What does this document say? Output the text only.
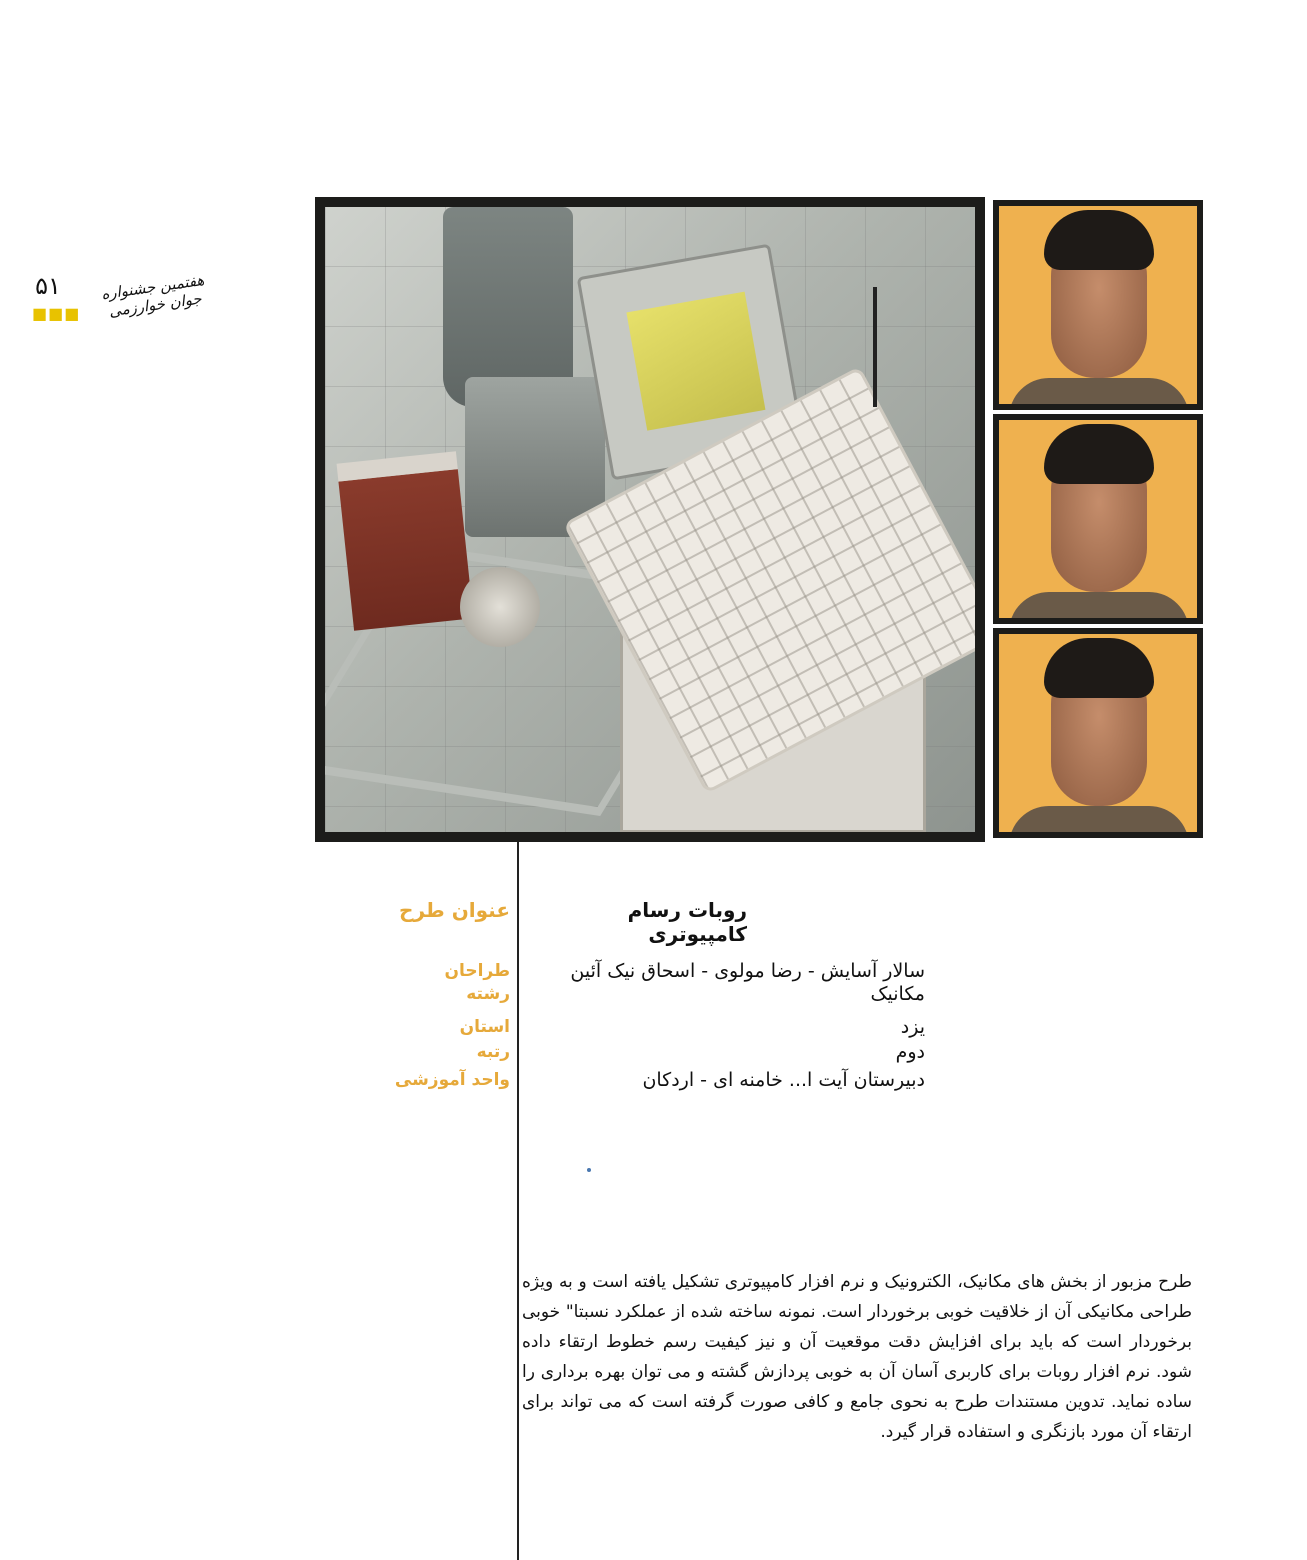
۵۱
■■■
هفتمین جشنواره جوان خوارزمی
عنوان طرح	روبات رسام کامپیوتری
طراحان	سالار آسایش - رضا مولوی - اسحاق نیک آئین
رشته	مکانیک
استان	یزد
رتبه	دوم
واحد آموزشی	دبیرستان آیت ا... خامنه ای - اردکان
طرح مزبور از بخش های مکانیک، الکترونیک و نرم افزار کامپیوتری تشکیل یافته است و به ویژه طراحی مکانیکی آن از خلاقیت خوبی برخوردار است. نمونه ساخته شده از عملکرد نسبتا" خوبی برخوردار است که باید برای افزایش دقت موقعیت آن و نیز کیفیت رسم خطوط ارتقاء داده شود. نرم افزار روبات برای کاربری آسان آن به خوبی پردازش گشته و می توان بهره برداری را ساده نماید. تدوین مستندات طرح به نحوی جامع و کافی صورت گرفته است که می تواند برای ارتقاء آن مورد بازنگری و استفاده قرار گیرد.
